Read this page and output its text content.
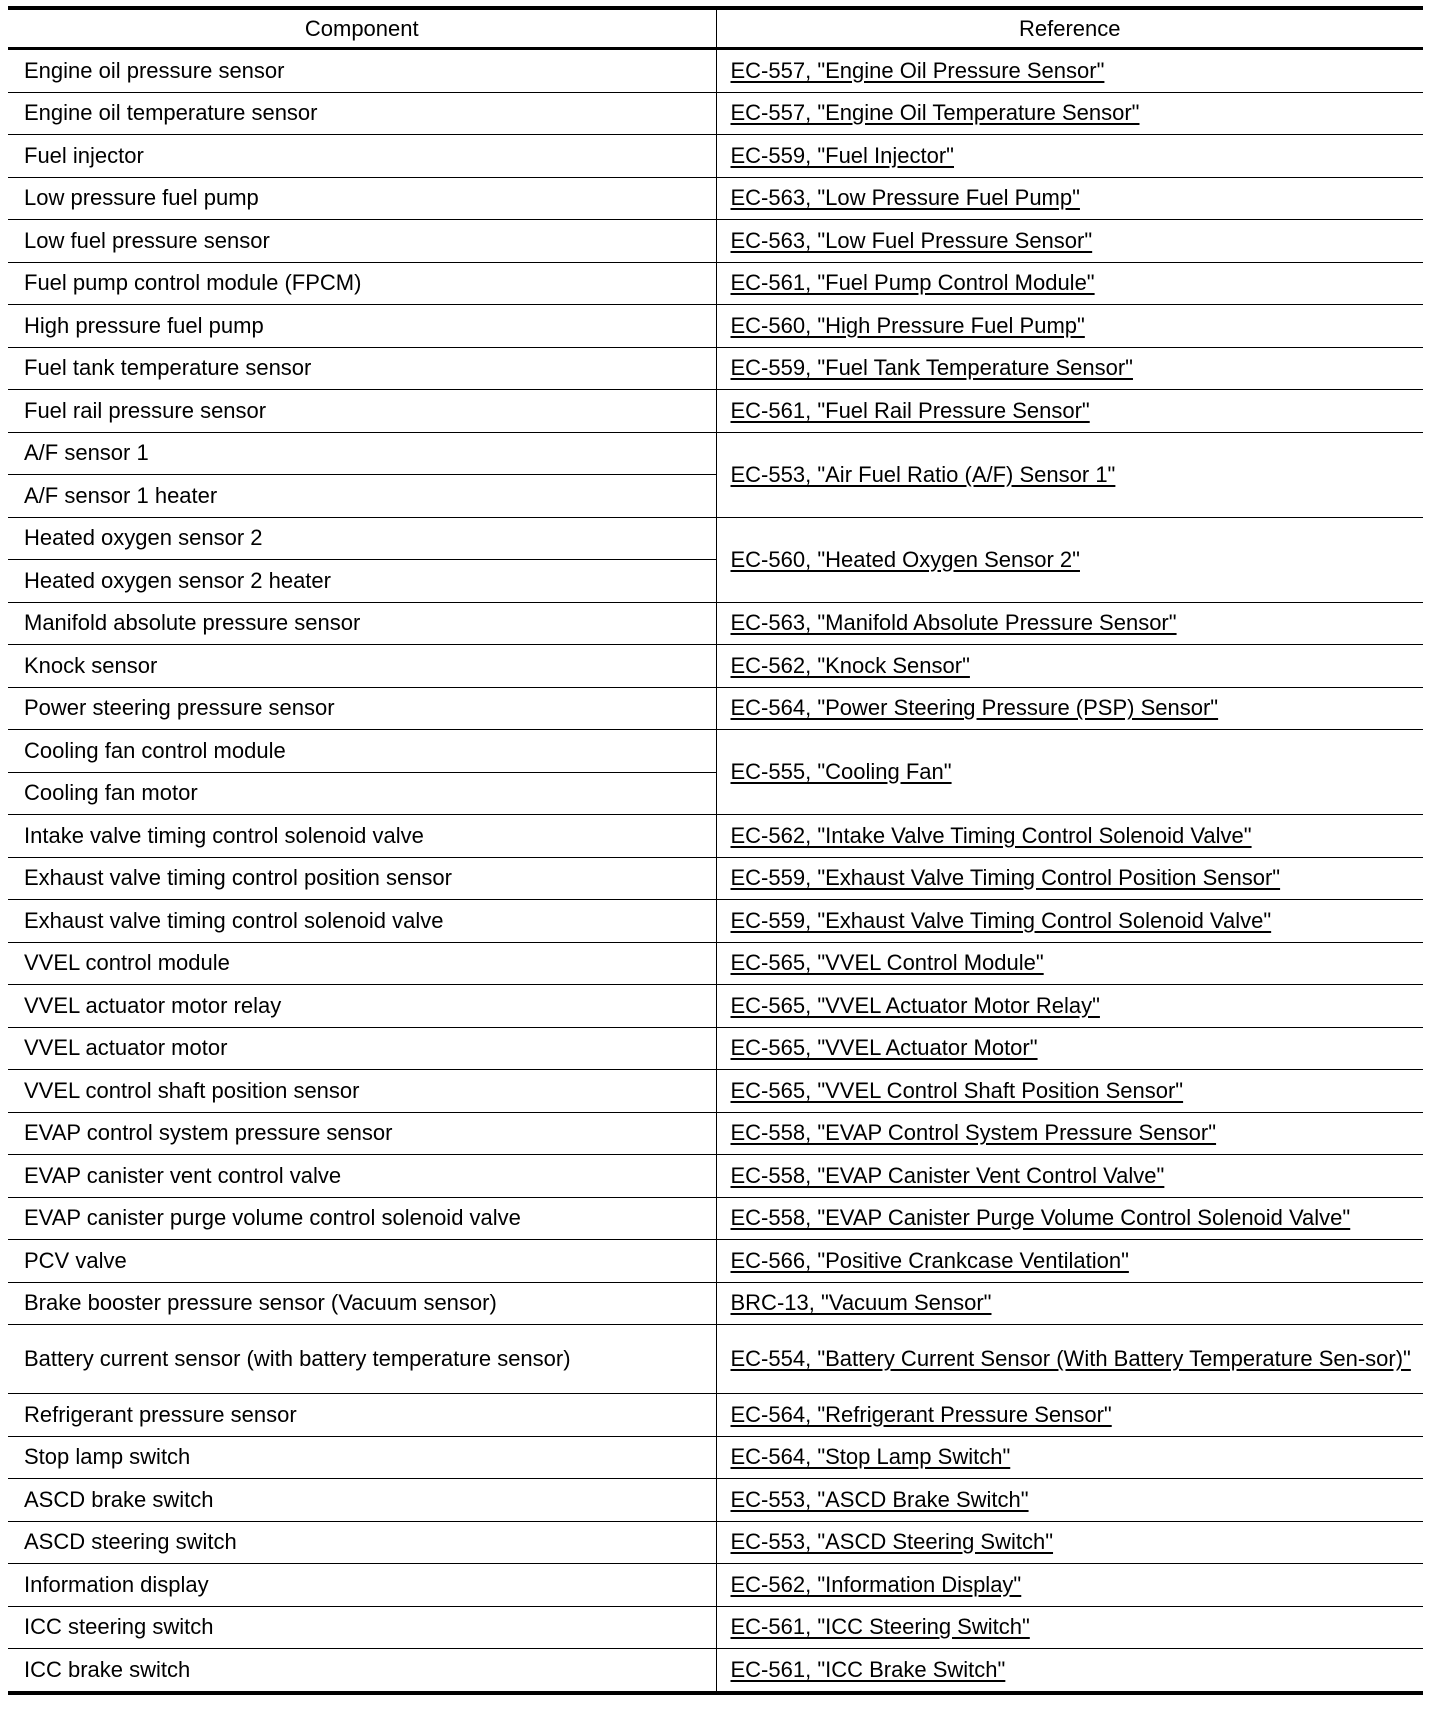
Component	Reference
Engine oil pressure sensor	EC-557, "Engine Oil Pressure Sensor"
Engine oil temperature sensor	EC-557, "Engine Oil Temperature Sensor"
Fuel injector	EC-559, "Fuel Injector"
Low pressure fuel pump	EC-563, "Low Pressure Fuel Pump"
Low fuel pressure sensor	EC-563, "Low Fuel Pressure Sensor"
Fuel pump control module (FPCM)	EC-561, "Fuel Pump Control Module"
High pressure fuel pump	EC-560, "High Pressure Fuel Pump"
Fuel tank temperature sensor	EC-559, "Fuel Tank Temperature Sensor"
Fuel rail pressure sensor	EC-561, "Fuel Rail Pressure Sensor"
A/F sensor 1	EC-553, "Air Fuel Ratio (A/F) Sensor 1"
A/F sensor 1 heater	
Heated oxygen sensor 2	EC-560, "Heated Oxygen Sensor 2"
Heated oxygen sensor 2 heater	
Manifold absolute pressure sensor	EC-563, "Manifold Absolute Pressure Sensor"
Knock sensor	EC-562, "Knock Sensor"
Power steering pressure sensor	EC-564, "Power Steering Pressure (PSP) Sensor"
Cooling fan control module	EC-555, "Cooling Fan"
Cooling fan motor	
Intake valve timing control solenoid valve	EC-562, "Intake Valve Timing Control Solenoid Valve"
Exhaust valve timing control position sensor	EC-559, "Exhaust Valve Timing Control Position Sensor"
Exhaust valve timing control solenoid valve	EC-559, "Exhaust Valve Timing Control Solenoid Valve"
VVEL control module	EC-565, "VVEL Control Module"
VVEL actuator motor relay	EC-565, "VVEL Actuator Motor Relay"
VVEL actuator motor	EC-565, "VVEL Actuator Motor"
VVEL control shaft position sensor	EC-565, "VVEL Control Shaft Position Sensor"
EVAP control system pressure sensor	EC-558, "EVAP Control System Pressure Sensor"
EVAP canister vent control valve	EC-558, "EVAP Canister Vent Control Valve"
EVAP canister purge volume control solenoid valve	EC-558, "EVAP Canister Purge Volume Control Solenoid Valve"
PCV valve	EC-566, "Positive Crankcase Ventilation"
Brake booster pressure sensor (Vacuum sensor)	BRC-13, "Vacuum Sensor"
Battery current sensor (with battery temperature sensor)	EC-554, "Battery Current Sensor (With Battery Temperature Sen-sor)"
Refrigerant pressure sensor	EC-564, "Refrigerant Pressure Sensor"
Stop lamp switch	EC-564, "Stop Lamp Switch"
ASCD brake switch	EC-553, "ASCD Brake Switch"
ASCD steering switch	EC-553, "ASCD Steering Switch"
Information display	EC-562, "Information Display"
ICC steering switch	EC-561, "ICC Steering Switch"
ICC brake switch	EC-561, "ICC Brake Switch"
